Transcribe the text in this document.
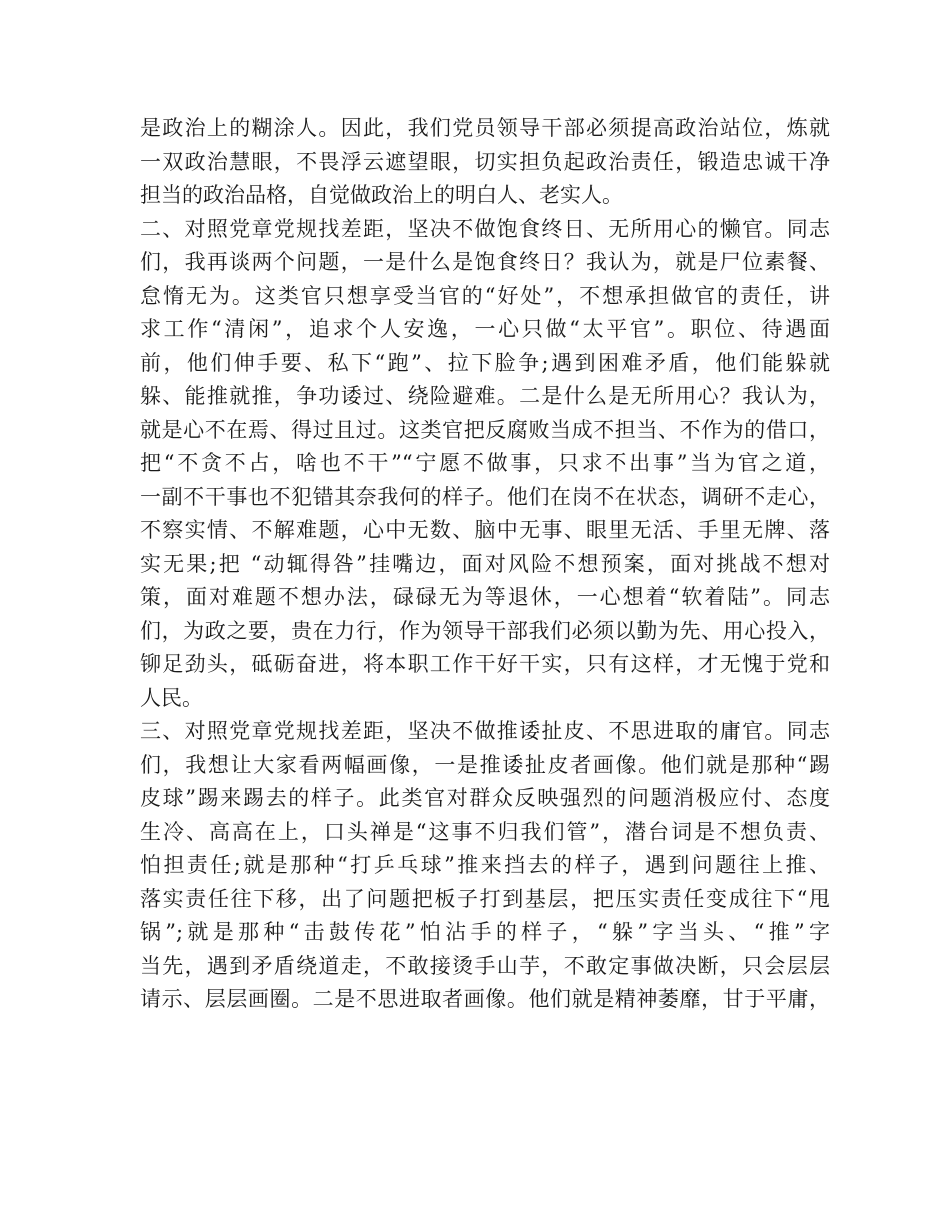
是政治上的糊涂人。因此，我们党员领导干部必须提高政治站位，炼就
一双政治慧眼，不畏浮云遮望眼，切实担负起政治责任，锻造忠诚干净
担当的政治品格，自觉做政治上的明白人、老实人。
二、对照党章党规找差距，坚决不做饱食终日、无所用心的懒官。同志
们，我再谈两个问题，一是什么是饱食终日？我认为，就是尸位素餐、
怠惰无为。这类官只想享受当官的“好处”，不想承担做官的责任，讲
求工作“清闲”，追求个人安逸，一心只做“太平官”。职位、待遇面
前，他们伸手要、私下“跑”、拉下脸争;遇到困难矛盾，他们能躲就
躲、能推就推，争功诿过、绕险避难。二是什么是无所用心？我认为，
就是心不在焉、得过且过。这类官把反腐败当成不担当、不作为的借口，
把“不贪不占，啥也不干”“宁愿不做事，只求不出事”当为官之道，
一副不干事也不犯错其奈我何的样子。他们在岗不在状态，调研不走心，
不察实情、不解难题，心中无数、脑中无事、眼里无活、手里无牌、落
实无果;把 “动辄得咎”挂嘴边，面对风险不想预案，面对挑战不想对
策，面对难题不想办法，碌碌无为等退休，一心想着“软着陆”。同志
们，为政之要，贵在力行，作为领导干部我们必须以勤为先、用心投入，
铆足劲头，砥砺奋进，将本职工作干好干实，只有这样，才无愧于党和
人民。
三、对照党章党规找差距，坚决不做推诿扯皮、不思进取的庸官。同志
们，我想让大家看两幅画像，一是推诿扯皮者画像。他们就是那种“踢
皮球”踢来踢去的样子。此类官对群众反映强烈的问题消极应付、态度
生冷、高高在上，口头禅是“这事不归我们管”，潜台词是不想负责、
怕担责任;就是那种“打乒乓球”推来挡去的样子，遇到问题往上推、
落实责任往下移，出了问题把板子打到基层，把压实责任变成往下“甩
锅”;就是那种“击鼓传花”怕沾手的样子，“躲”字当头、“推”字
当先，遇到矛盾绕道走，不敢接烫手山芋，不敢定事做决断，只会层层
请示、层层画圈。二是不思进取者画像。他们就是精神萎靡，甘于平庸，
